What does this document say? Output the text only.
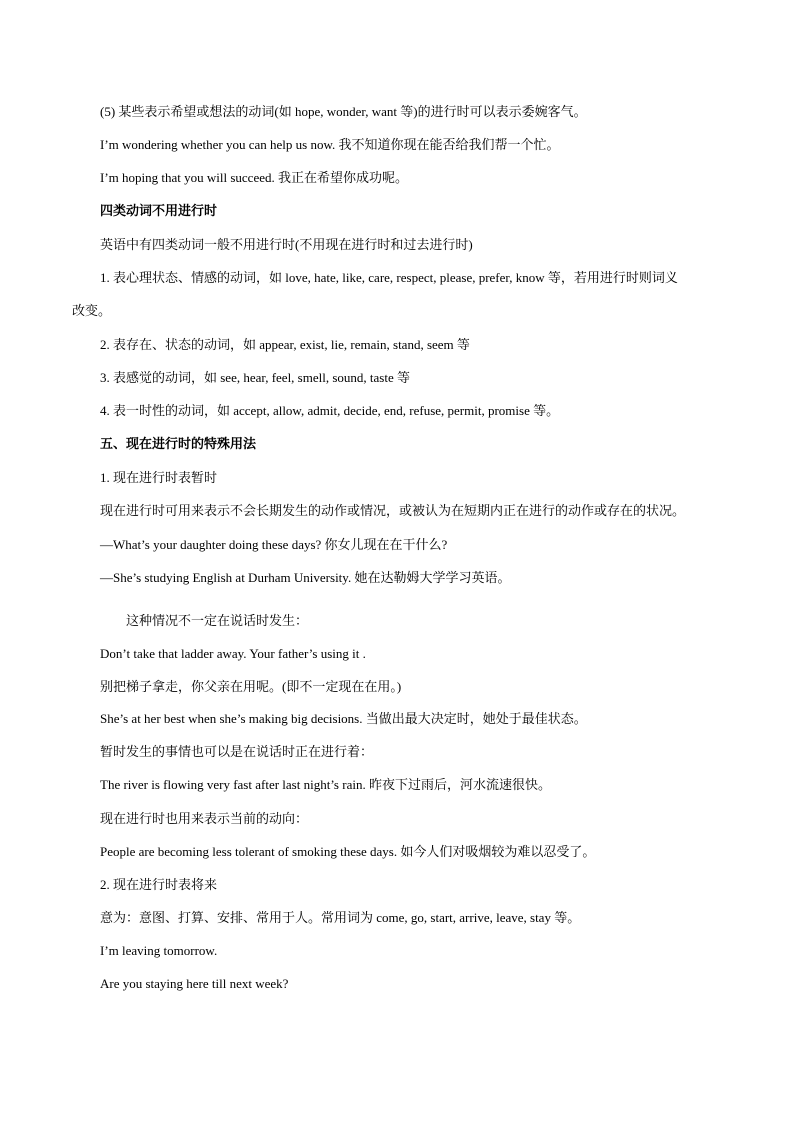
(5) 某些表示希望或想法的动词(如 hope, wonder, want 等)的进行时可以表示委婉客气。
I’m wondering whether you can help us now. 我不知道你现在能否给我们帮一个忙。
I’m hoping that you will succeed. 我正在希望你成功呢。
四类动词不用进行时
英语中有四类动词一般不用进行时(不用现在进行时和过去进行时)
1. 表心理状态、情感的动词，如 love, hate, like, care, respect, please, prefer, know 等，若用进行时则词义
改变。
2. 表存在、状态的动词，如 appear, exist, lie, remain, stand, seem 等
3. 表感觉的动词，如 see, hear, feel, smell, sound, taste 等
4. 表一时性的动词，如 accept, allow, admit, decide, end, refuse, permit, promise 等。
五、现在进行时的特殊用法
1. 现在进行时表暂时
现在进行时可用来表示不会长期发生的动作或情况，或被认为在短期内正在进行的动作或存在的状况。
—What’s your daughter doing these days? 你女儿现在在干什么?
—She’s studying English at Durham University. 她在达勒姆大学学习英语。
这种情况不一定在说话时发生：
Don’t take that ladder away. Your father’s using it .
别把梯子拿走，你父亲在用呢。(即不一定现在在用。)
She’s at her best when she’s making big decisions. 当做出最大决定时，她处于最佳状态。
暂时发生的事情也可以是在说话时正在进行着：
The river is flowing very fast after last night’s rain. 昨夜下过雨后，河水流速很快。
现在进行时也用来表示当前的动向：
People are becoming less tolerant of smoking these days. 如今人们对吸烟较为难以忍受了。
2. 现在进行时表将来
意为：意图、打算、安排、常用于人。常用词为 come, go, start, arrive, leave, stay 等。
I’m leaving tomorrow.
Are you staying here till next week?
